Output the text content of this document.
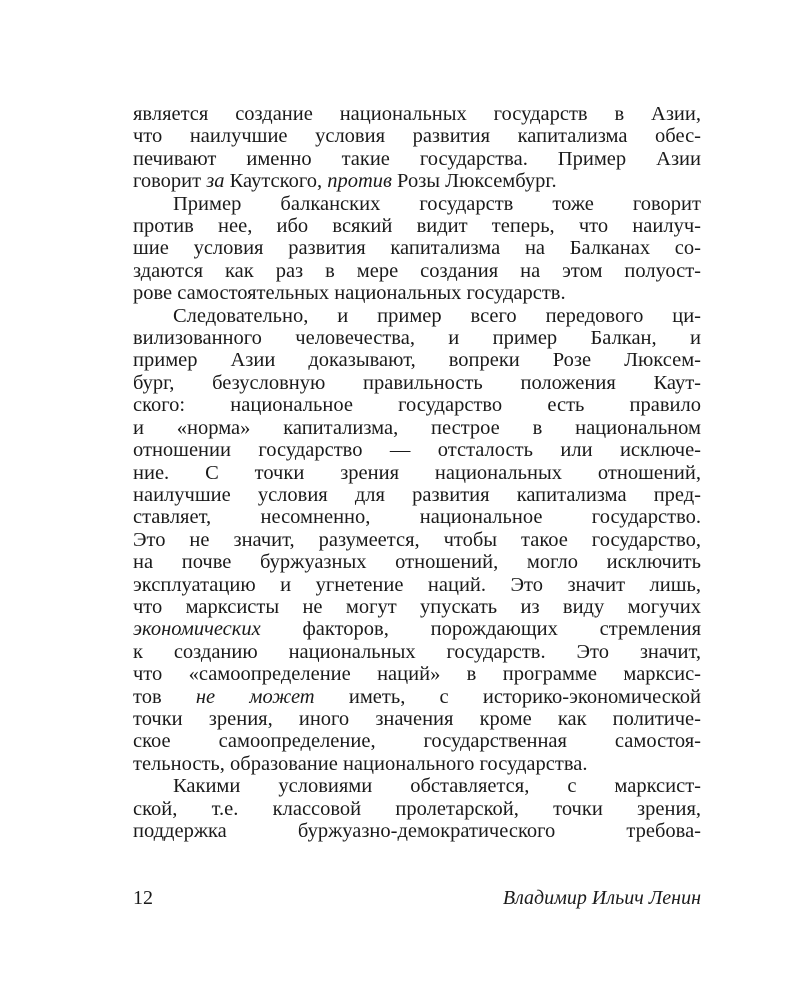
является создание национальных государств в Азии,
что наилучшие условия развития капитализма обес-
печивают именно такие государства. Пример Азии
говорит за Каутского, против Розы Люксембург.
Пример балканских государств тоже говорит
против нее, ибо всякий видит теперь, что наилуч-
шие условия развития капитализма на Балканах со-
здаются как раз в мере создания на этом полуост-
рове самостоятельных национальных государств.
Следовательно, и пример всего передового ци-
вилизованного человечества, и пример Балкан, и
пример Азии доказывают, вопреки Розе Люксем-
бург, безусловную правильность положения Каут-
ского: национальное государство есть правило
и «норма» капитализма, пестрое в национальном
отношении государство — отсталость или исключе-
ние. С точки зрения национальных отношений,
наилучшие условия для развития капитализма пред-
ставляет, несомненно, национальное государство.
Это не значит, разумеется, чтобы такое государство,
на почве буржуазных отношений, могло исключить
эксплуатацию и угнетение наций. Это значит лишь,
что марксисты не могут упускать из виду могучих
экономических факторов, порождающих стремления
к созданию национальных государств. Это значит,
что «самоопределение наций» в программе марксис-
тов не может иметь, с историко-экономической
точки зрения, иного значения кроме как политиче-
ское самоопределение, государственная самостоя-
тельность, образование национального государства.
Какими условиями обставляется, с марксист-
ской, т.е. классовой пролетарской, точки зрения,
поддержка буржуазно-демократического требова-
12	Владимир Ильич Ленин
